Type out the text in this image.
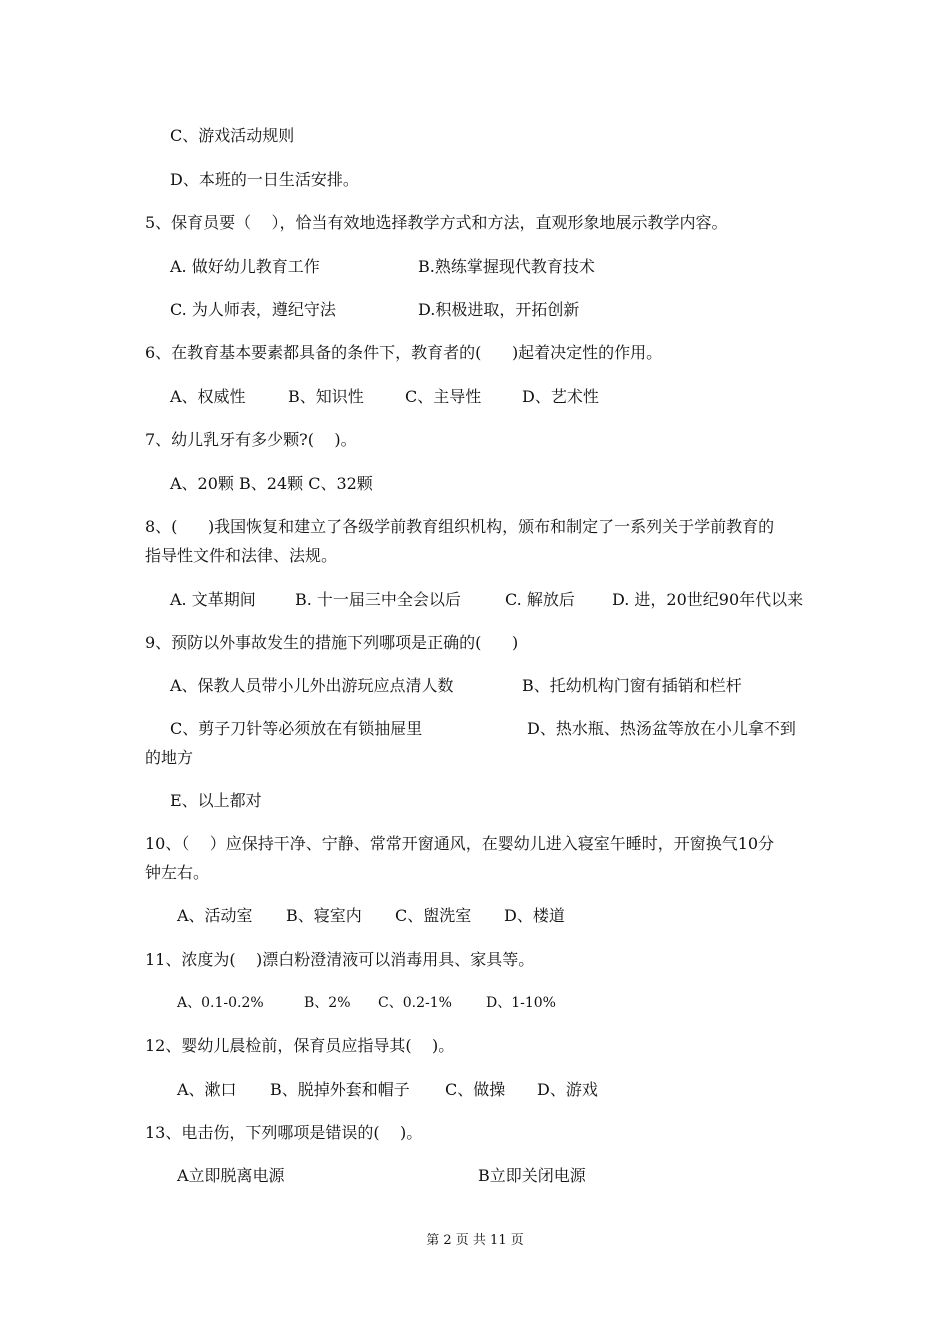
C、游戏活动规则
D、本班的一日生活安排。
5、保育员要（    ），恰当有效地选择教学方式和方法，直观形象地展示教学内容。
A. 做好幼儿教育工作	B.熟练掌握现代教育技术
C. 为人师表，遵纪守法	D.积极进取，开拓创新
6、在教育基本要素都具备的条件下，教育者的(      )起着决定性的作用。
A、权威性	B、知识性	C、主导性	D、艺术性
7、幼儿乳牙有多少颗?(    )。
A、20颗 B、24颗 C、32颗
8、(      )我国恢复和建立了各级学前教育组织机构，颁布和制定了一系列关于学前教育的
指导性文件和法律、法规。
A. 文革期间 B. 十一届三中全会以后	C. 解放后 D. 进，20世纪90年代以来
9、预防以外事故发生的措施下列哪项是正确的(      )
A、保教人员带小儿外出游玩应点清人数	B、托幼机构门窗有插销和栏杆
C、剪子刀针等必须放在有锁抽屉里	D、热水瓶、热汤盆等放在小儿拿不到
的地方
E、以上都对
10、（    ）应保持干净、宁静、常常开窗通风，在婴幼儿进入寝室午睡时，开窗换气10分
钟左右。
A、活动室 B、寝室内 C、盥洗室 D、楼道
11、浓度为(    )漂白粉澄清液可以消毒用具、家具等。
A、0.1-0.2%	B、2% C、0.2-1% D、1-10%
12、婴幼儿晨检前，保育员应指导其(    )。
A、漱口 B、脱掉外套和帽子 C、做操 D、游戏
13、电击伤，下列哪项是错误的(    )。
A立即脱离电源	B立即关闭电源
第 2 页 共 11 页
